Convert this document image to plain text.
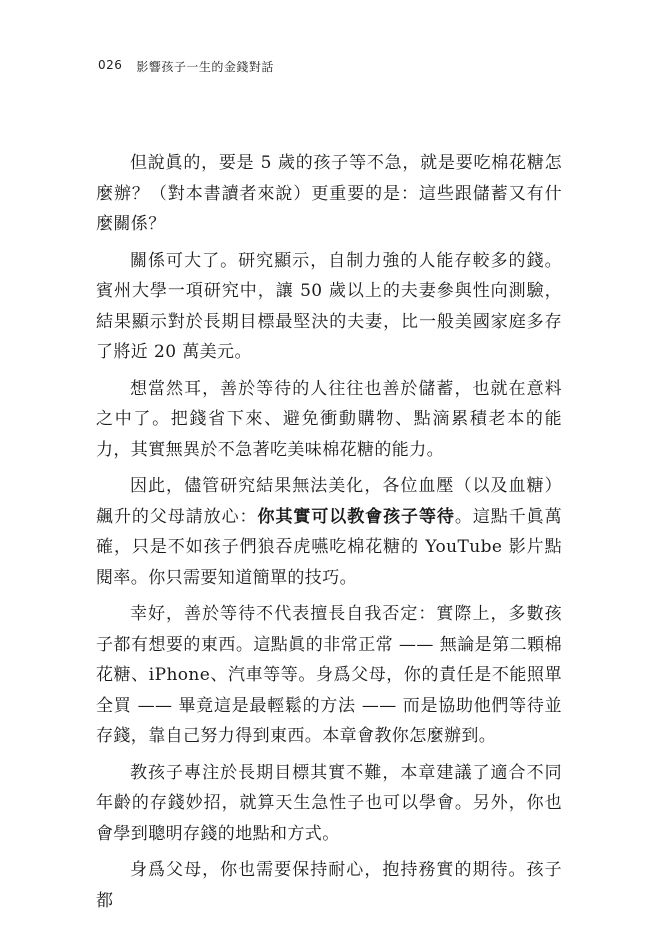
026 影響孩子一生的金錢對話

但說眞的，要是 5 歲的孩子等不急，就是要吃棉花糖怎麼辦？（對本書讀者來說）更重要的是：這些跟儲蓄又有什麼關係？

關係可大了。研究顯示，自制力強的人能存較多的錢。賓州大學一項研究中，讓 50 歲以上的夫妻參與性向測驗，結果顯示對於長期目標最堅決的夫妻，比一般美國家庭多存了將近 20 萬美元。

想當然耳，善於等待的人往往也善於儲蓄，也就在意料之中了。把錢省下來、避免衝動購物、點滴累積老本的能力，其實無異於不急著吃美味棉花糖的能力。

因此，儘管研究結果無法美化，各位血壓（以及血糖）飆升的父母請放心：你其實可以教會孩子等待。這點千眞萬確，只是不如孩子們狼吞虎嚥吃棉花糖的 YouTube 影片點閱率。你只需要知道簡單的技巧。

幸好，善於等待不代表擅長自我否定：實際上，多數孩子都有想要的東西。這點眞的非常正常 —— 無論是第二顆棉花糖、iPhone、汽車等等。身爲父母，你的責任是不能照單全買 —— 畢竟這是最輕鬆的方法 —— 而是協助他們等待並存錢，靠自己努力得到東西。本章會教你怎麼辦到。

教孩子專注於長期目標其實不難，本章建議了適合不同年齡的存錢妙招，就算天生急性子也可以學會。另外，你也會學到聰明存錢的地點和方式。

身爲父母，你也需要保持耐心，抱持務實的期待。孩子都
